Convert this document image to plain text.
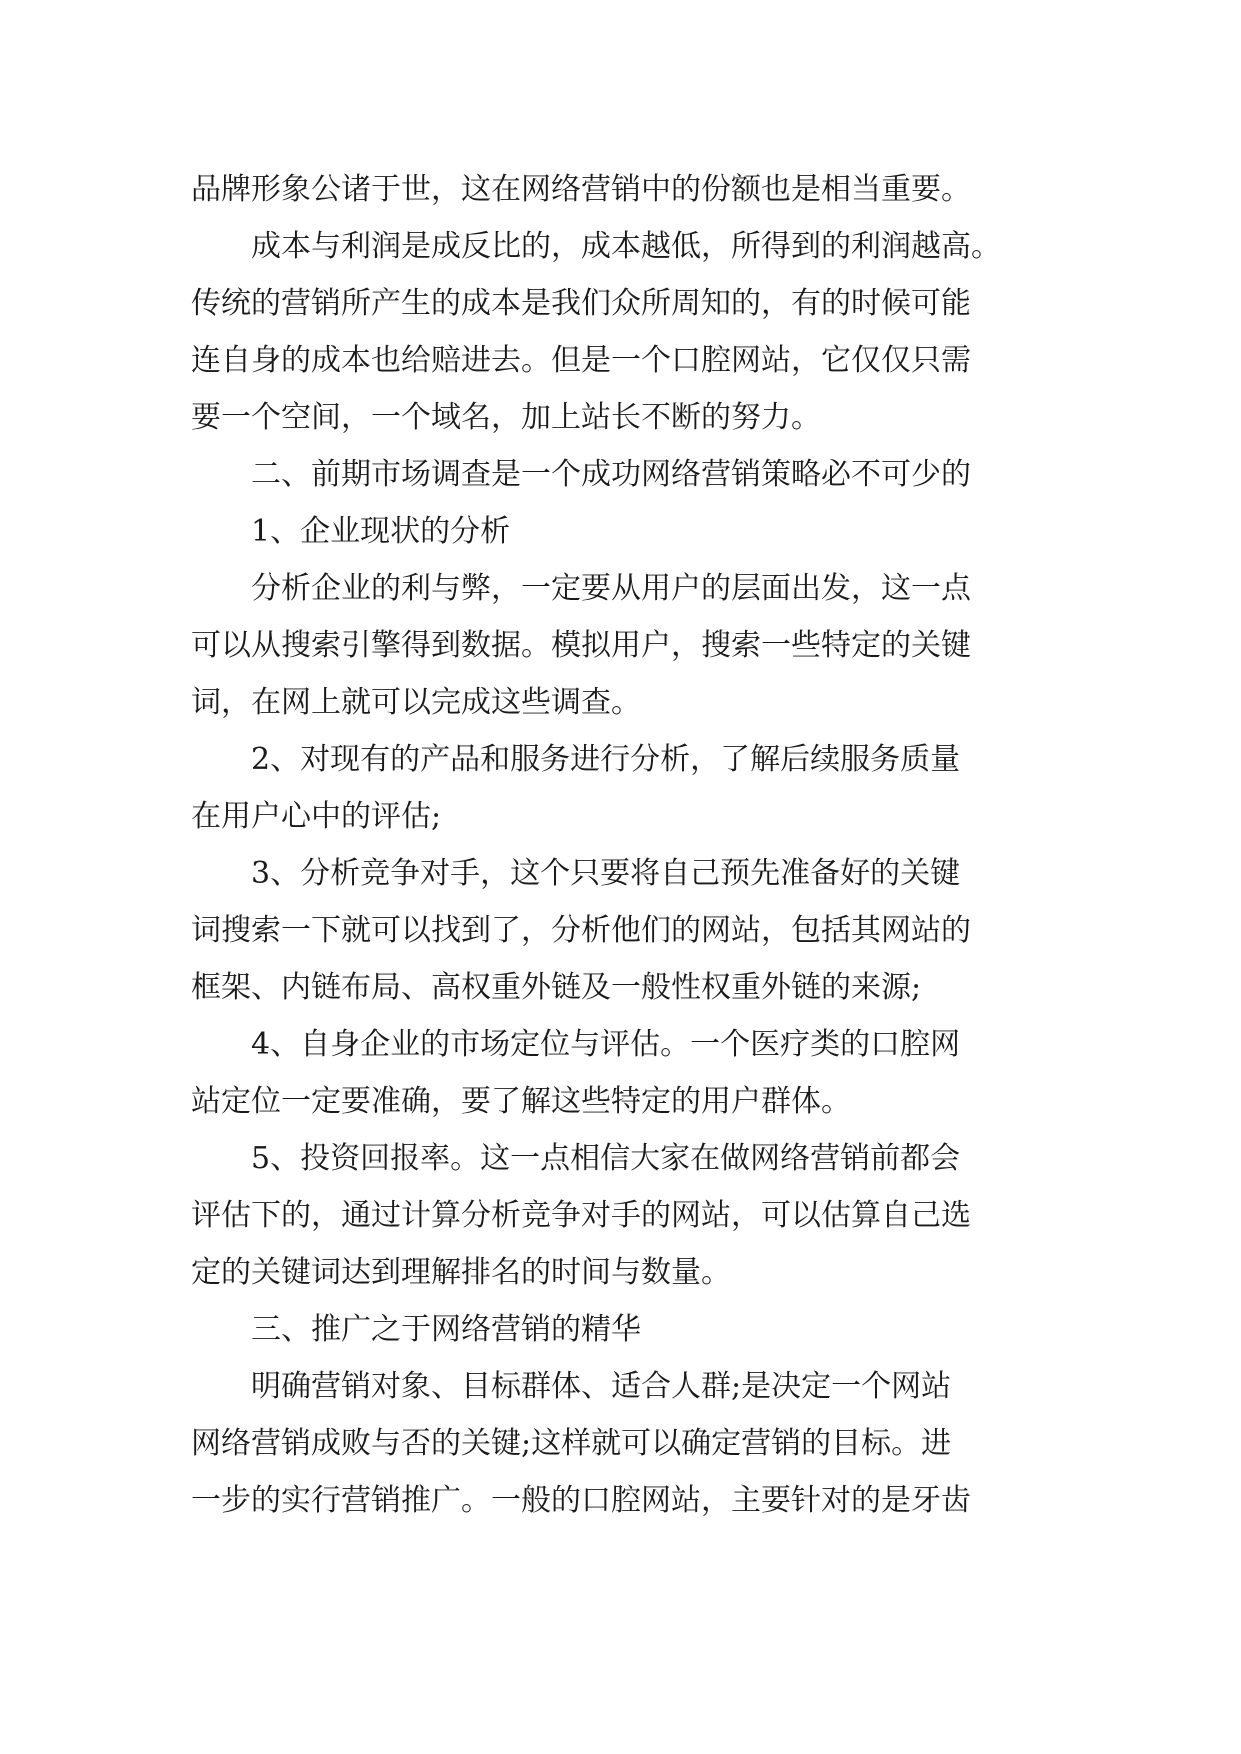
品牌形象公诸于世，这在网络营销中的份额也是相当重要。
成本与利润是成反比的，成本越低，所得到的利润越高。
传统的营销所产生的成本是我们众所周知的，有的时候可能
连自身的成本也给赔进去。但是一个口腔网站，它仅仅只需
要一个空间，一个域名，加上站长不断的努力。
二、前期市场调查是一个成功网络营销策略必不可少的
1、企业现状的分析
分析企业的利与弊，一定要从用户的层面出发，这一点
可以从搜索引擎得到数据。模拟用户，搜索一些特定的关键
词，在网上就可以完成这些调查。
2、对现有的产品和服务进行分析，了解后续服务质量
在用户心中的评估;
3、分析竞争对手，这个只要将自己预先准备好的关键
词搜索一下就可以找到了，分析他们的网站，包括其网站的
框架、内链布局、高权重外链及一般性权重外链的来源;
4、自身企业的市场定位与评估。一个医疗类的口腔网
站定位一定要准确，要了解这些特定的用户群体。
5、投资回报率。这一点相信大家在做网络营销前都会
评估下的，通过计算分析竞争对手的网站，可以估算自己选
定的关键词达到理解排名的时间与数量。
三、推广之于网络营销的精华
明确营销对象、目标群体、适合人群;是决定一个网站
网络营销成败与否的关键;这样就可以确定营销的目标。进
一步的实行营销推广。一般的口腔网站，主要针对的是牙齿
